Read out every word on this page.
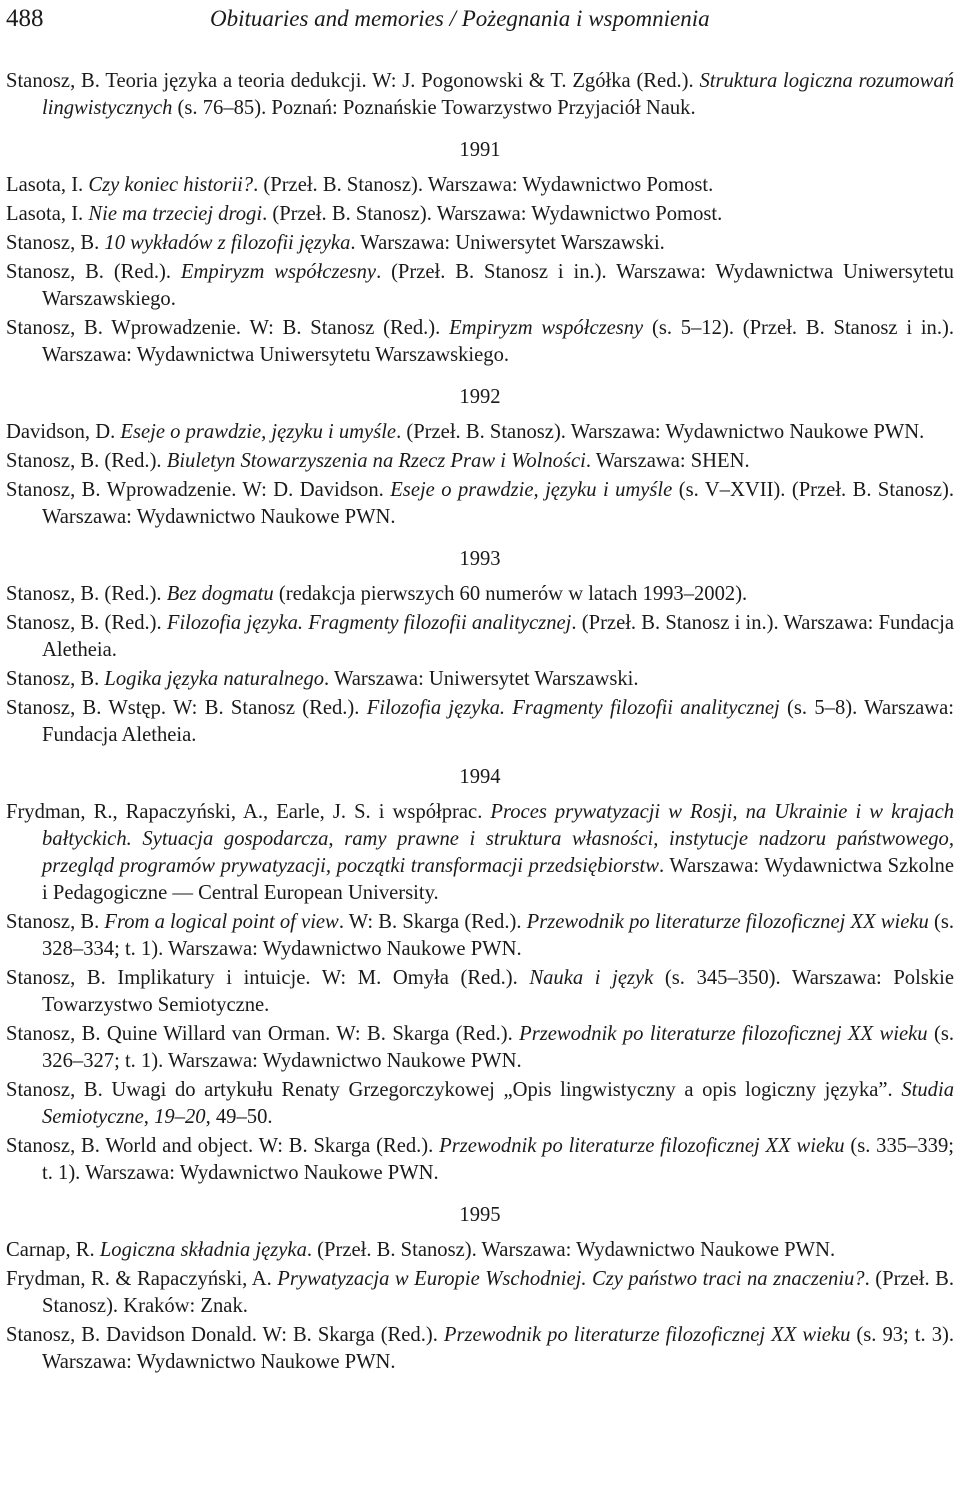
488	Obituaries and memories / Pożegnania i wspomnienia

Stanosz, B. Teoria języka a teoria dedukcji. W: J. Pogonowski & T. Zgółka (Red.). Struktura logiczna rozumowań lingwistycznych (s. 76–85). Poznań: Poznańskie Towarzystwo Przyjaciół Nauk.

1991

Lasota, I. Czy koniec historii?. (Przeł. B. Stanosz). Warszawa: Wydawnictwo Pomost.

Lasota, I. Nie ma trzeciej drogi. (Przeł. B. Stanosz). Warszawa: Wydawnictwo Pomost.

Stanosz, B. 10 wykładów z filozofii języka. Warszawa: Uniwersytet Warszawski.

Stanosz, B. (Red.). Empiryzm współczesny. (Przeł. B. Stanosz i in.). Warszawa: Wydawnictwa Uniwersytetu Warszawskiego.

Stanosz, B. Wprowadzenie. W: B. Stanosz (Red.). Empiryzm współczesny (s. 5–12). (Przeł. B. Stanosz i in.). Warszawa: Wydawnictwa Uniwersytetu Warszawskiego.

1992

Davidson, D. Eseje o prawdzie, języku i umyśle. (Przeł. B. Stanosz). Warszawa: Wydawnictwo Naukowe PWN.

Stanosz, B. (Red.). Biuletyn Stowarzyszenia na Rzecz Praw i Wolności. Warszawa: SHEN.

Stanosz, B. Wprowadzenie. W: D. Davidson. Eseje o prawdzie, języku i umyśle (s. V–XVII). (Przeł. B. Stanosz). Warszawa: Wydawnictwo Naukowe PWN.

1993

Stanosz, B. (Red.). Bez dogmatu (redakcja pierwszych 60 numerów w latach 1993–2002).

Stanosz, B. (Red.). Filozofia języka. Fragmenty filozofii analitycznej. (Przeł. B. Stanosz i in.). Warszawa: Fundacja Aletheia.

Stanosz, B. Logika języka naturalnego. Warszawa: Uniwersytet Warszawski.

Stanosz, B. Wstęp. W: B. Stanosz (Red.). Filozofia języka. Fragmenty filozofii analitycznej (s. 5–8). Warszawa: Fundacja Aletheia.

1994

Frydman, R., Rapaczyński, A., Earle, J. S. i współprac. Proces prywatyzacji w Rosji, na Ukrainie i w krajach bałtyckich. Sytuacja gospodarcza, ramy prawne i struktura własności, instytucje nadzoru państwowego, przegląd programów prywatyzacji, początki transformacji przedsiębiorstw. Warszawa: Wydawnictwa Szkolne i Pedagogiczne — Central European University.

Stanosz, B. From a logical point of view. W: B. Skarga (Red.). Przewodnik po literaturze filozoficznej XX wieku (s. 328–334; t. 1). Warszawa: Wydawnictwo Naukowe PWN.

Stanosz, B. Implikatury i intuicje. W: M. Omyła (Red.). Nauka i język (s. 345–350). Warszawa: Polskie Towarzystwo Semiotyczne.

Stanosz, B. Quine Willard van Orman. W: B. Skarga (Red.). Przewodnik po literaturze filozoficznej XX wieku (s. 326–327; t. 1). Warszawa: Wydawnictwo Naukowe PWN.

Stanosz, B. Uwagi do artykułu Renaty Grzegorczykowej „Opis lingwistyczny a opis logiczny języka”. Studia Semiotyczne, 19–20, 49–50.

Stanosz, B. World and object. W: B. Skarga (Red.). Przewodnik po literaturze filozoficznej XX wieku (s. 335–339; t. 1). Warszawa: Wydawnictwo Naukowe PWN.

1995

Carnap, R. Logiczna składnia języka. (Przeł. B. Stanosz). Warszawa: Wydawnictwo Naukowe PWN.

Frydman, R. & Rapaczyński, A. Prywatyzacja w Europie Wschodniej. Czy państwo traci na znaczeniu?. (Przeł. B. Stanosz). Kraków: Znak.

Stanosz, B. Davidson Donald. W: B. Skarga (Red.). Przewodnik po literaturze filozoficznej XX wieku (s. 93; t. 3). Warszawa: Wydawnictwo Naukowe PWN.
